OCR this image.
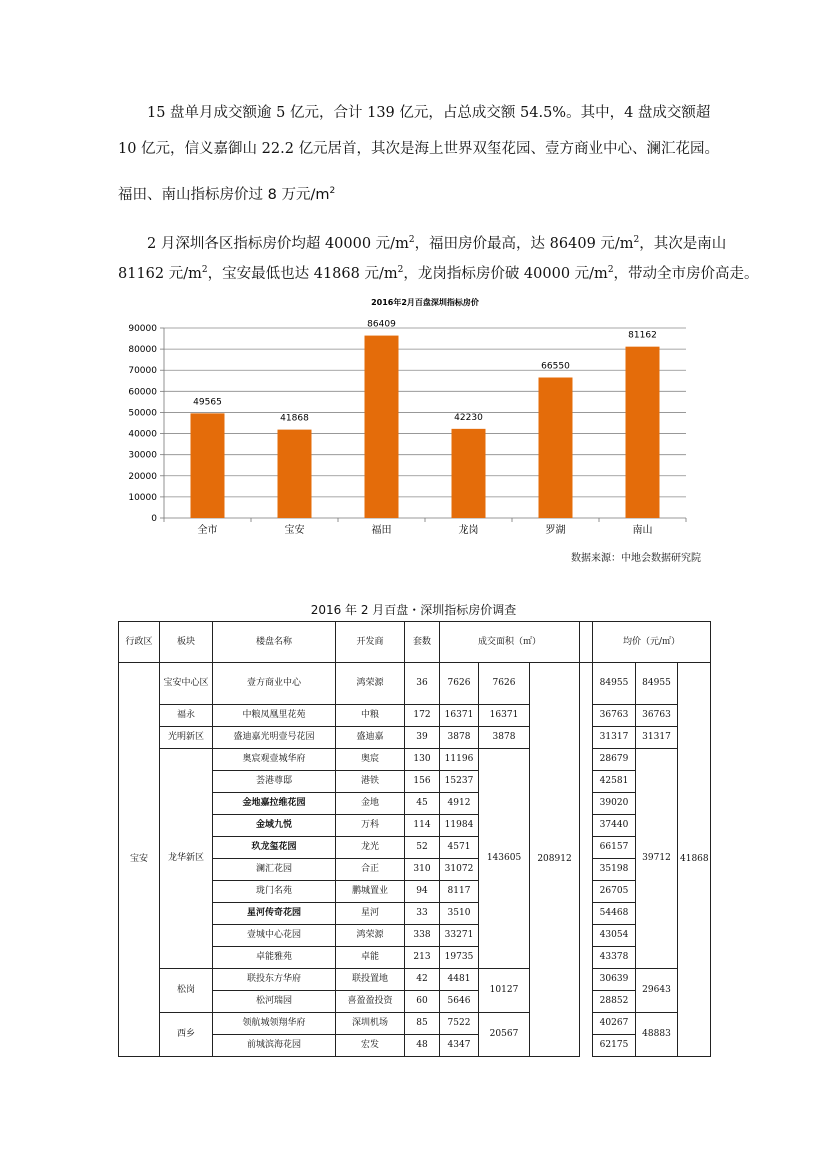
　　15 盘单月成交额逾 5 亿元，合计 139 亿元，占总成交额 54.5%。其中，4 盘成交额超

10 亿元，信义嘉御山 22.2 亿元居首，其次是海上世界双玺花园、壹方商业中心、澜汇花园。

福田、南山指标房价过 8 万元$/m^2$

　　2 月深圳各区指标房价均超 40000 元$/m^2$，福田房价最高，达 86409 元$/m^2$，其次是南山

81162 元$/m^2$，宝安最低也达 41868 元$/m^2$，龙岗指标房价破 40000 元$/m^2$，带动全市房价高走。

2016年2月百盘深圳指标房价
0
10000
20000
30000
40000
50000
60000
70000
80000
90000
49565
全市
41868
宝安
86409
福田
42230
龙岗
66550
罗湖
81162
南山
数据来源：中地会数据研究院
2016 年 2 月百盘・深圳指标房价调查
行政区	板块	楼盘名称	开发商	套数	成交面积（㎡）				均价（元/㎡）		
宝安	宝安中心区	壹方商业中心	鸿荣源	36	7626	7626	208912		84955	84955	41868
	福永	中粮凤凰里花苑	中粮	172	16371	16371			36763	36763	
	光明新区	盛迪嘉光明壹号花园	盛迪嘉	39	3878	3878			31317	31317	
	龙华新区	奥宸观壹城华府	奥宸	130	11196	143605			28679	39712	
		荟港尊邸	港铁	156	15237				42581		
		金地嘉拉维花园	金地	45	4912				39020		
		金域九悦	万科	114	11984				37440		
		玖龙玺花园	龙光	52	4571				66157		
		澜汇花园	合正	310	31072				35198		
		珑门名苑	鹏城置业	94	8117				26705		
		星河传奇花园	星河	33	3510				54468		
		壹城中心花园	鸿荣源	338	33271				43054		
		卓能雅苑	卓能	213	19735				43378		
	松岗	联投东方华府	联投置地	42	4481	10127			30639	29643	
		松河瑞园	喜盈盈投资	60	5646				28852		
	西乡	领航城领翔华府	深圳机场	85	7522	20567			40267	48883	
		前城滨海花园	宏发	48	4347				62175		
